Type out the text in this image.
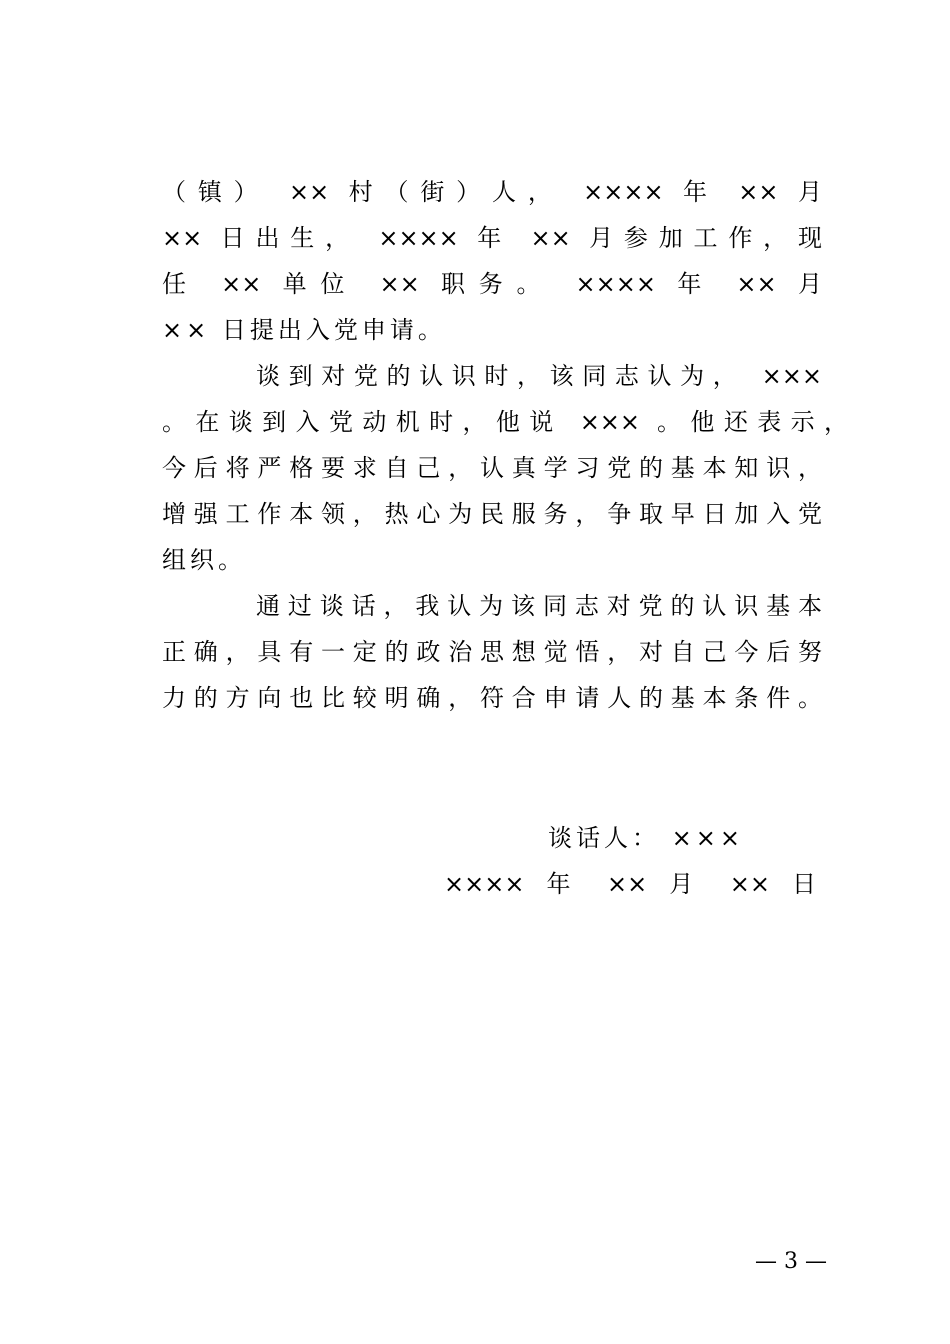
（镇） ×× 村（街）人， ×××× 年 ×× 月
×× 日出生， ×××× 年 ×× 月参加工作，现
任 ×× 单位 ×× 职务。 ×××× 年 ×× 月
×× 日提出入党申请。
谈到对党的认识时，该同志认为， ×××
。在谈到入党动机时，他说 ××× 。他还表示，
今后将严格要求自己，认真学习党的基本知识，
增强工作本领，热心为民服务，争取早日加入党
组织。
通过谈话，我认为该同志对党的认识基本
正确，具有一定的政治思想觉悟，对自己今后努
力的方向也比较明确，符合申请人的基本条件。
谈话人： ×××
×××× 年 ×× 月 ×× 日
— 3 —
